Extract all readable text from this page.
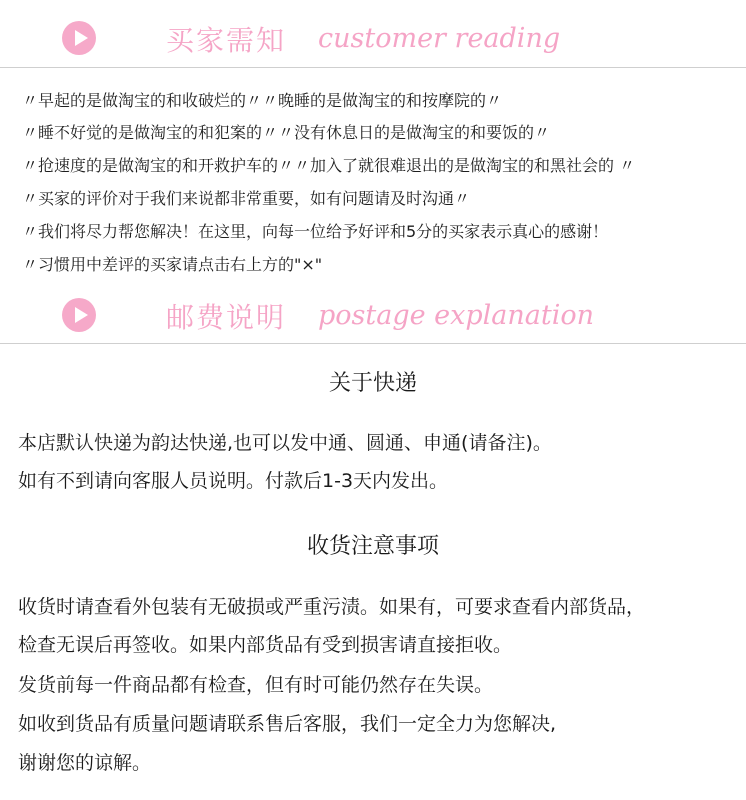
买家需知 customer reading
〃早起的是做淘宝的和收破烂的〃〃晚睡的是做淘宝的和按摩院的〃
〃睡不好觉的是做淘宝的和犯案的〃〃没有休息日的是做淘宝的和要饭的〃
〃抢速度的是做淘宝的和开救护车的〃〃加入了就很难退出的是做淘宝的和黑社会的 〃
〃买家的评价对于我们来说都非常重要，如有问题请及时沟通〃
〃我们将尽力帮您解决！在这里，向每一位给予好评和5分的买家表示真心的感谢！
〃习惯用中差评的买家请点击右上方的"×"
邮费说明 postage explanation
关于快递
本店默认快递为韵达快递,也可以发中通、圆通、申通(请备注)。
如有不到请向客服人员说明。付款后1-3天内发出。
收货注意事项
收货时请查看外包装有无破损或严重污渍。如果有，可要求查看内部货品，
检查无误后再签收。如果内部货品有受到损害请直接拒收。
发货前每一件商品都有检查，但有时可能仍然存在失误。
如收到货品有质量问题请联系售后客服，我们一定全力为您解决,
谢谢您的谅解。
